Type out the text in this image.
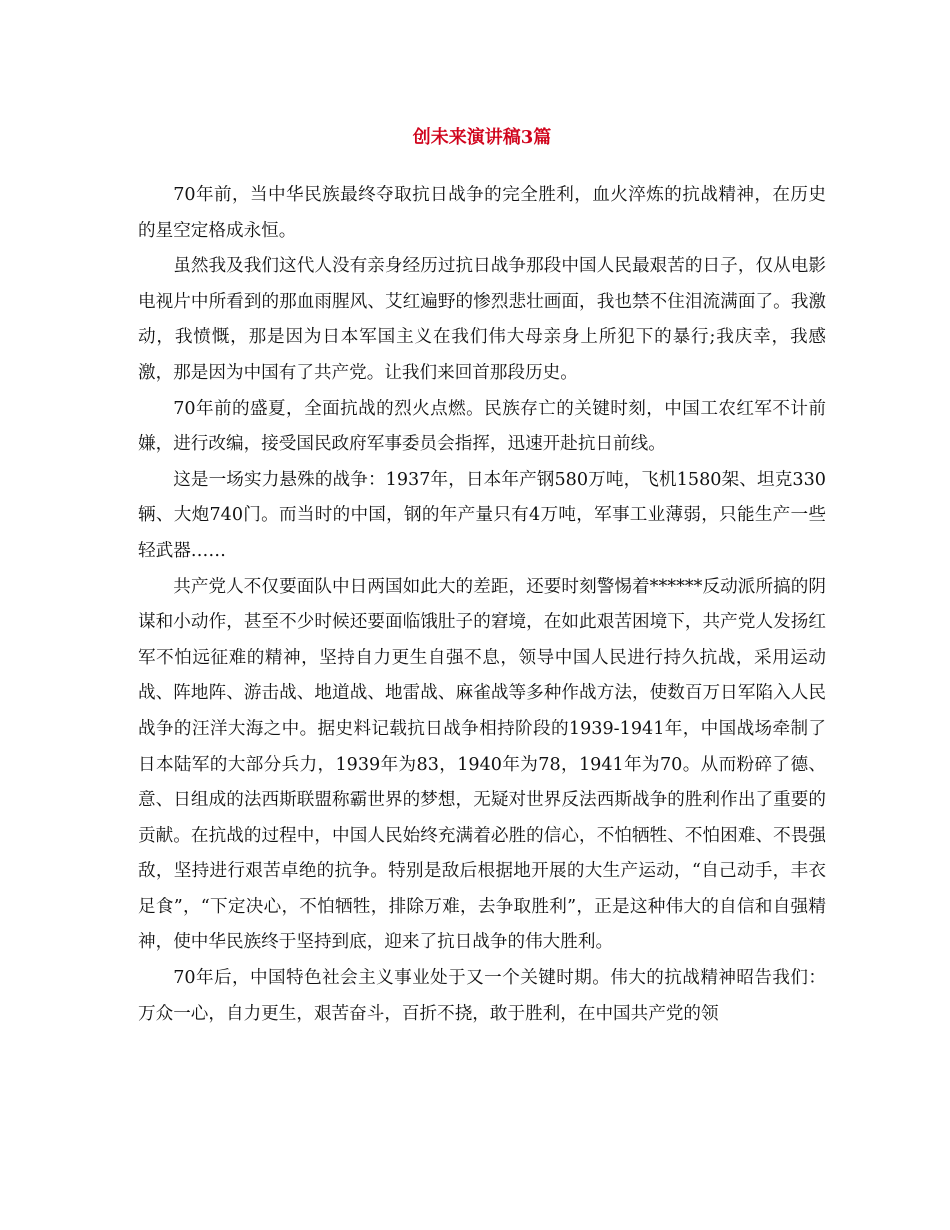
创未来演讲稿3篇

70年前，当中华民族最终夺取抗日战争的完全胜利，血火淬炼的抗战精神，在历史的星空定格成永恒。

虽然我及我们这代人没有亲身经历过抗日战争那段中国人民最艰苦的日子，仅从电影电视片中所看到的那血雨腥风、艾红遍野的惨烈悲壮画面，我也禁不住泪流满面了。我激动，我愤慨，那是因为日本军国主义在我们伟大母亲身上所犯下的暴行;我庆幸，我感激，那是因为中国有了共产党。让我们来回首那段历史。

70年前的盛夏，全面抗战的烈火点燃。民族存亡的关键时刻，中国工农红军不计前嫌，进行改编，接受国民政府军事委员会指挥，迅速开赴抗日前线。

这是一场实力悬殊的战争：1937年，日本年产钢580万吨，飞机1580架、坦克330辆、大炮740门。而当时的中国，钢的年产量只有4万吨，军事工业薄弱，只能生产一些轻武器……

共产党人不仅要面队中日两国如此大的差距，还要时刻警惕着******反动派所搞的阴谋和小动作，甚至不少时候还要面临饿肚子的窘境，在如此艰苦困境下，共产党人发扬红军不怕远征难的精神，坚持自力更生自强不息，领导中国人民进行持久抗战，采用运动战、阵地阵、游击战、地道战、地雷战、麻雀战等多种作战方法，使数百万日军陷入人民战争的汪洋大海之中。据史料记载抗日战争相持阶段的1939-1941年，中国战场牵制了日本陆军的大部分兵力，1939年为83，1940年为78，1941年为70。从而粉碎了德、意、日组成的法西斯联盟称霸世界的梦想，无疑对世界反法西斯战争的胜利作出了重要的贡献。在抗战的过程中，中国人民始终充满着必胜的信心，不怕牺牲、不怕困难、不畏强敌，坚持进行艰苦卓绝的抗争。特别是敌后根据地开展的大生产运动，“自己动手，丰衣足食”，“下定决心，不怕牺牲，排除万难，去争取胜利”，正是这种伟大的自信和自强精神，使中华民族终于坚持到底，迎来了抗日战争的伟大胜利。

70年后，中国特色社会主义事业处于又一个关键时期。伟大的抗战精神昭告我们：万众一心，自力更生，艰苦奋斗，百折不挠，敢于胜利，在中国共产党的领
